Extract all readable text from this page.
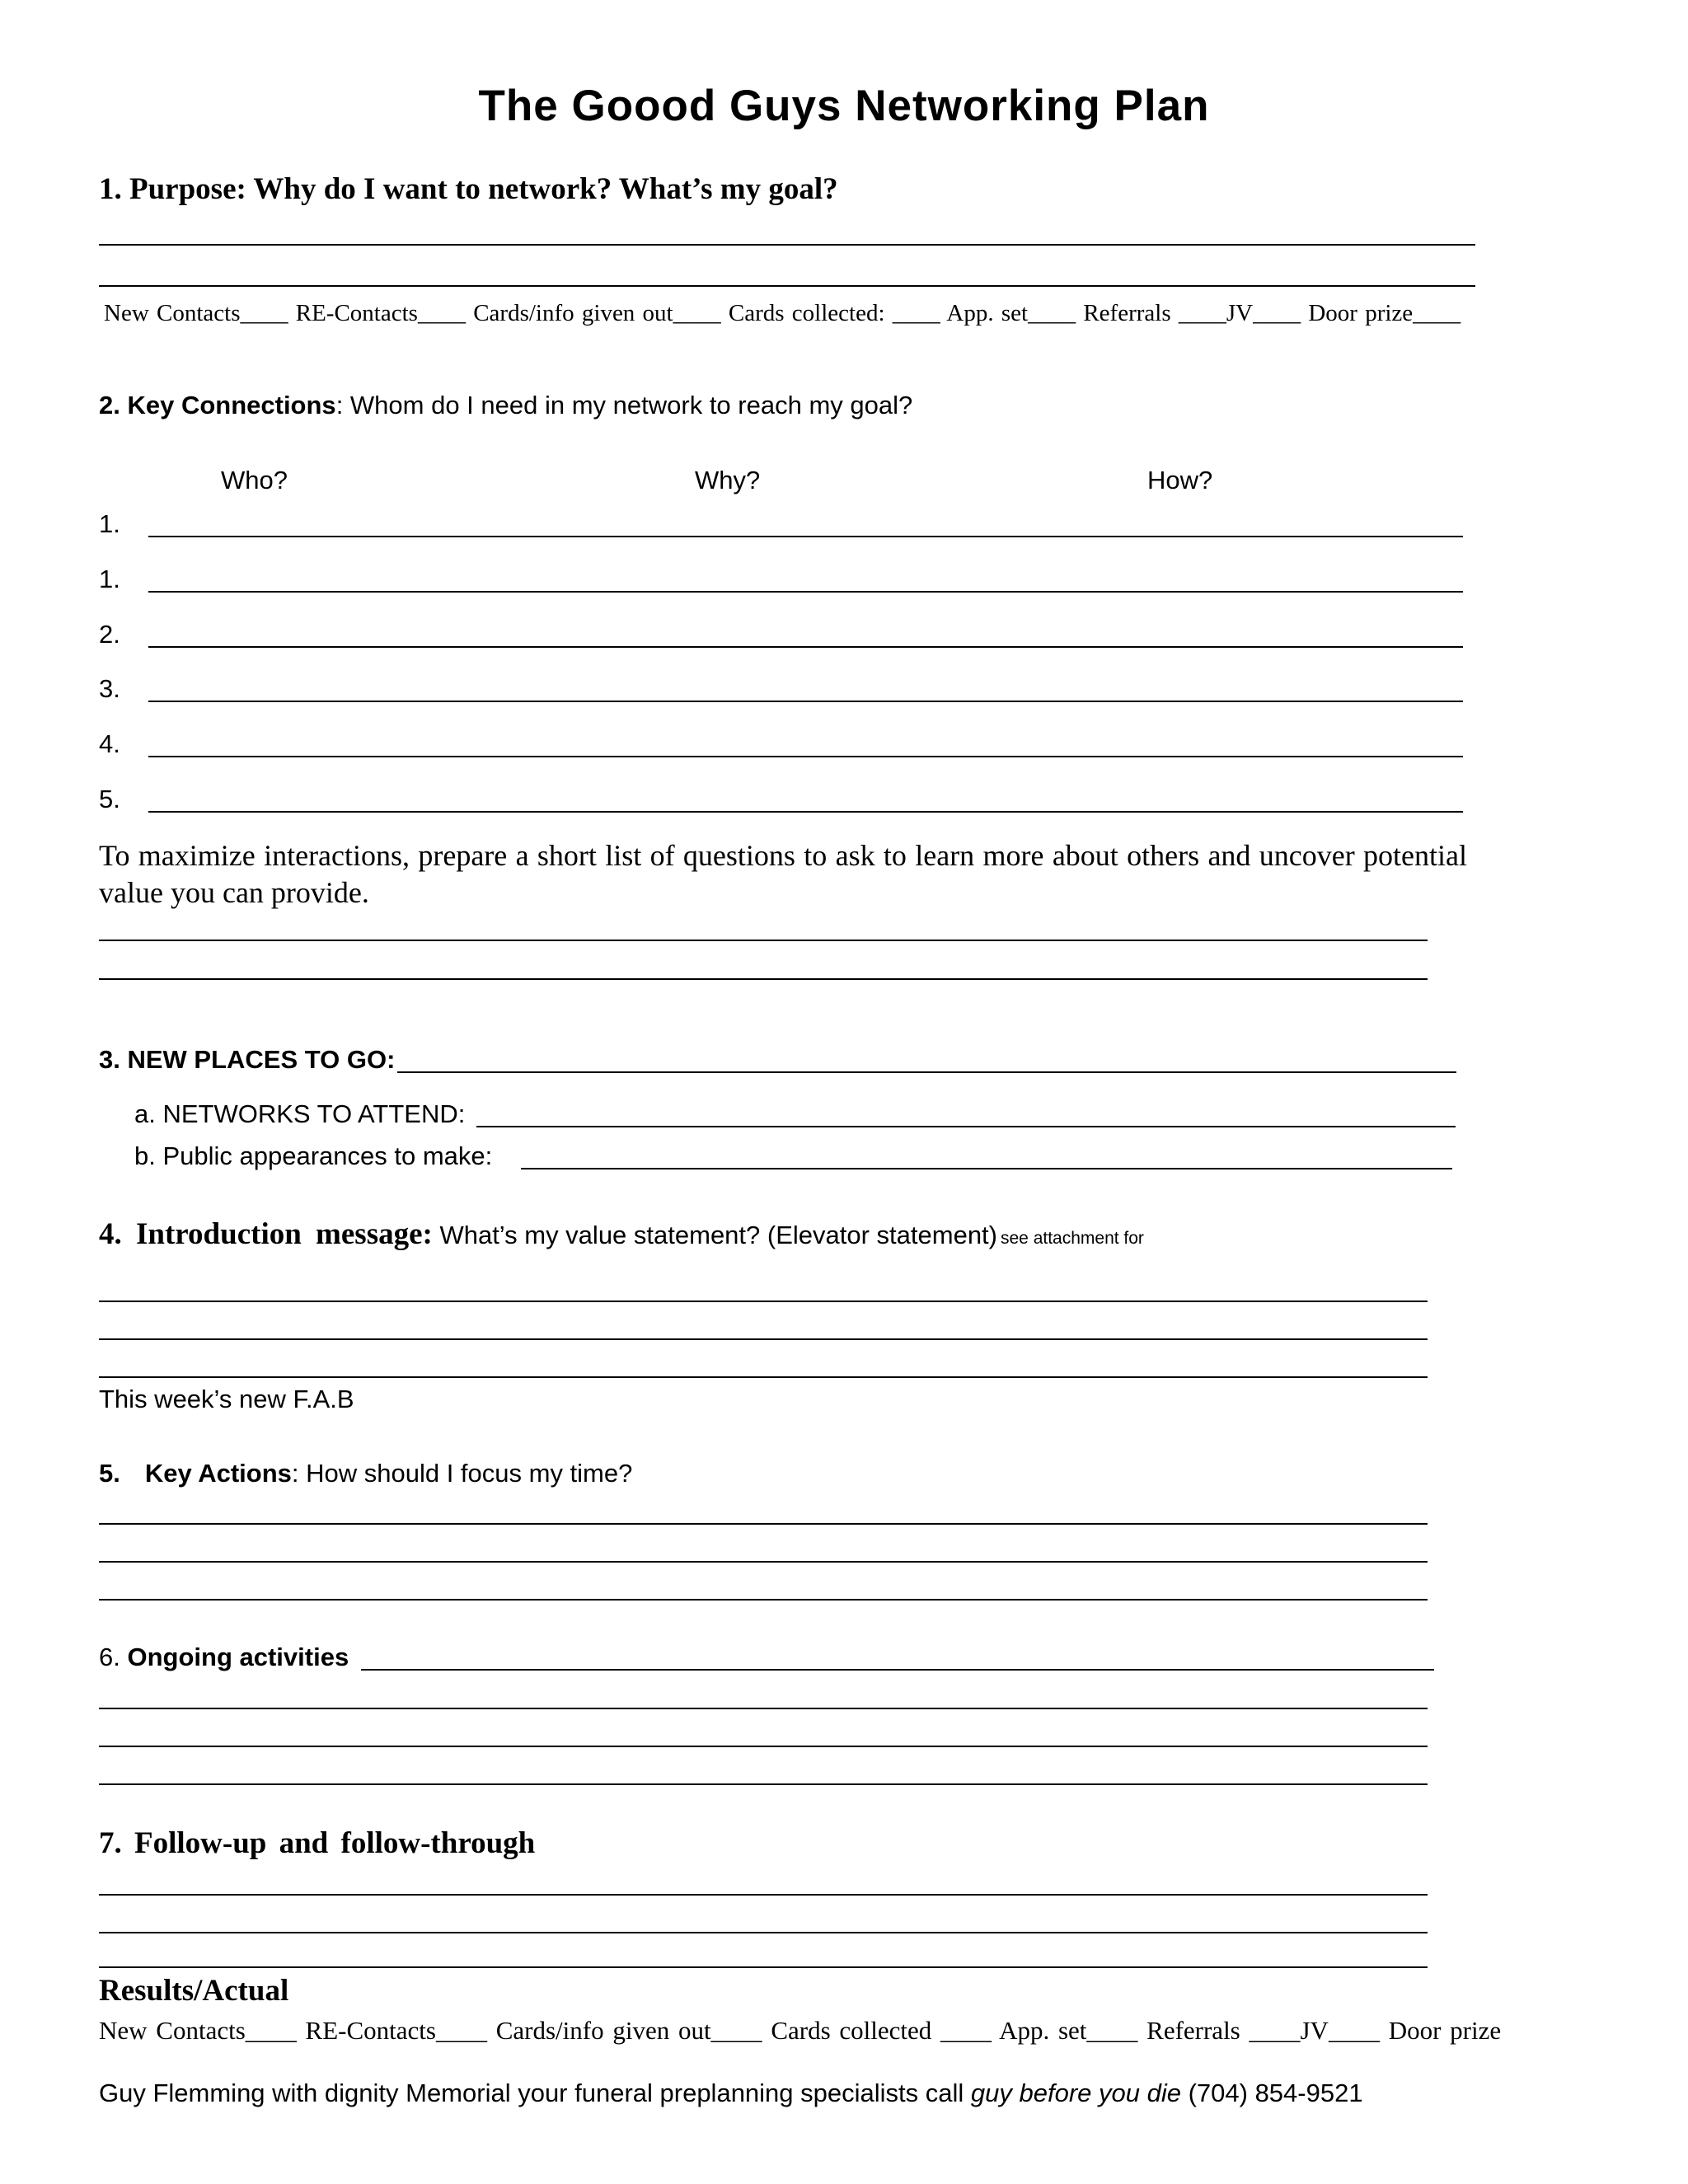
The Goood Guys Networking Plan
1. Purpose: Why do I want to network? What’s my goal?
New Contacts____ RE-Contacts____ Cards/info given out____ Cards collected: ____ App. set____ Referrals ____JV____ Door prize____
2. Key Connections: Whom do I need in my network to reach my goal?
Who?	Why?	How?
1.
1.
2.
3.
4.
5.
To maximize interactions, prepare a short list of questions to ask to learn more about others and uncover potential value you can provide.
3. NEW PLACES TO GO:
a. NETWORKS TO ATTEND:
b. Public appearances to make:
4. Introduction message: What’s my value statement? (Elevator statement) see attachment for
This week’s new F.A.B
5. Key Actions: How should I focus my time?
6. Ongoing activities
7. Follow-up and follow-through
Results/Actual
New Contacts____ RE-Contacts____ Cards/info given out____ Cards collected ____ App. set____ Referrals ____JV____ Door prize
Guy Flemming with dignity Memorial your funeral preplanning specialists call guy before you die (704) 854-9521
